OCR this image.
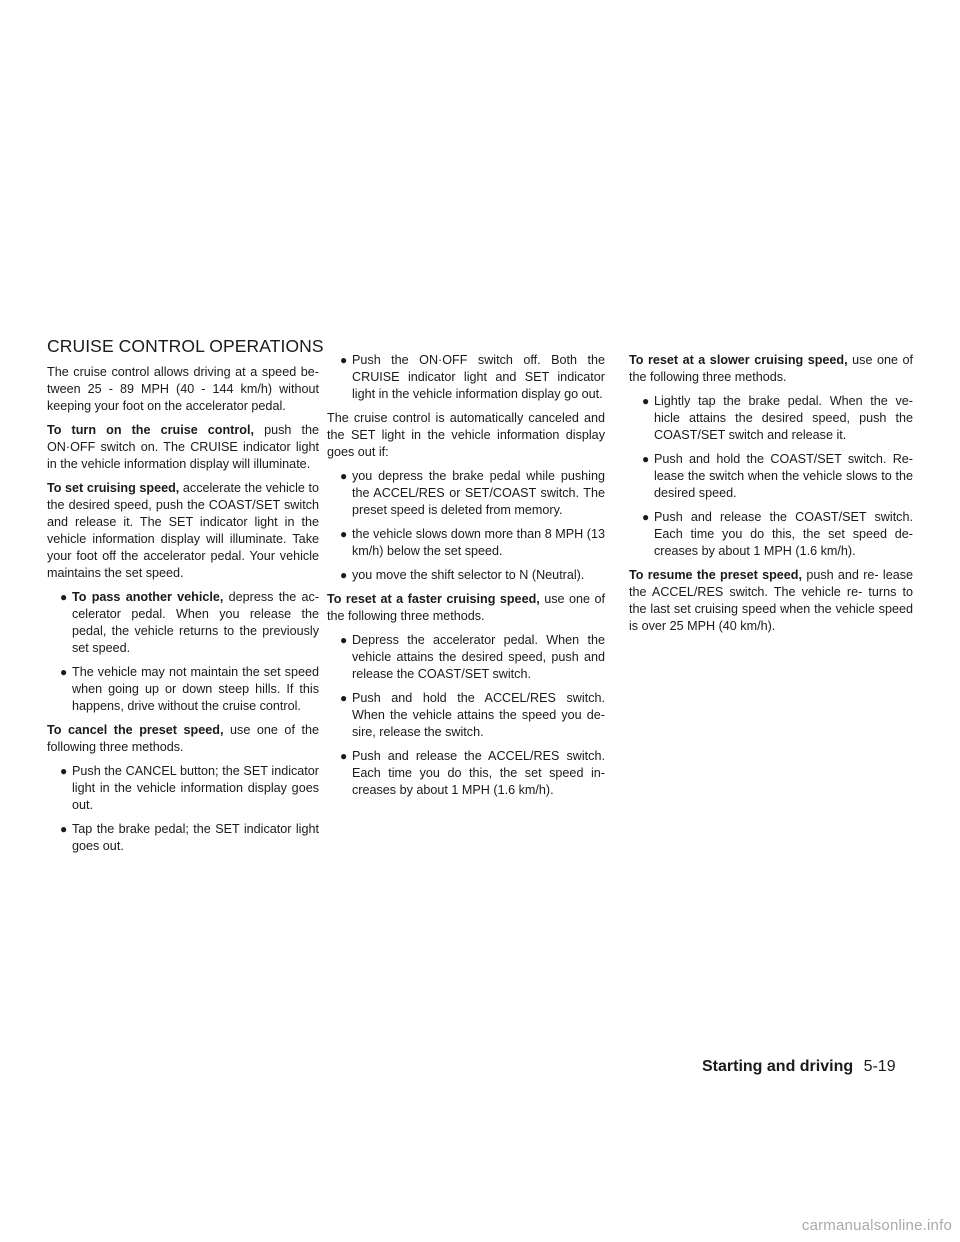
CRUISE CONTROL OPERATIONS

The cruise control allows driving at a speed be- tween 25 - 89 MPH (40 - 144 km/h) without keeping your foot on the accelerator pedal.

To turn on the cruise control, push the ON·OFF switch on. The CRUISE indicator light in the vehicle information display will illuminate.

To set cruising speed, accelerate the vehicle to the desired speed, push the COAST/SET switch and release it. The SET indicator light in the vehicle information display will illuminate. Take your foot off the accelerator pedal. Your vehicle maintains the set speed.

● To pass another vehicle, depress the ac- celerator pedal. When you release the pedal, the vehicle returns to the previously set speed.
● The vehicle may not maintain the set speed when going up or down steep hills. If this happens, drive without the cruise control.

To cancel the preset speed, use one of the following three methods.

● Push the CANCEL button; the SET indicator light in the vehicle information display goes out.
● Tap the brake pedal; the SET indicator light goes out.
● Push the ON·OFF switch off. Both the CRUISE indicator light and SET indicator light in the vehicle information display go out.

The cruise control is automatically canceled and the SET light in the vehicle information display goes out if:

● you depress the brake pedal while pushing the ACCEL/RES or SET/COAST switch. The preset speed is deleted from memory.
● the vehicle slows down more than 8 MPH (13 km/h) below the set speed.
● you move the shift selector to N (Neutral).

To reset at a faster cruising speed, use one of the following three methods.

● Depress the accelerator pedal. When the vehicle attains the desired speed, push and release the COAST/SET switch.
● Push and hold the ACCEL/RES switch. When the vehicle attains the speed you de- sire, release the switch.
● Push and release the ACCEL/RES switch. Each time you do this, the set speed in- creases by about 1 MPH (1.6 km/h).

To reset at a slower cruising speed, use one of the following three methods.

● Lightly tap the brake pedal. When the ve- hicle attains the desired speed, push the COAST/SET switch and release it.
● Push and hold the COAST/SET switch. Re- lease the switch when the vehicle slows to the desired speed.
● Push and release the COAST/SET switch. Each time you do this, the set speed de- creases by about 1 MPH (1.6 km/h).

To resume the preset speed, push and re- lease the ACCEL/RES switch. The vehicle re- turns to the last set cruising speed when the vehicle speed is over 25 MPH (40 km/h).

Starting and driving 5-19
carmanualsonline.info
